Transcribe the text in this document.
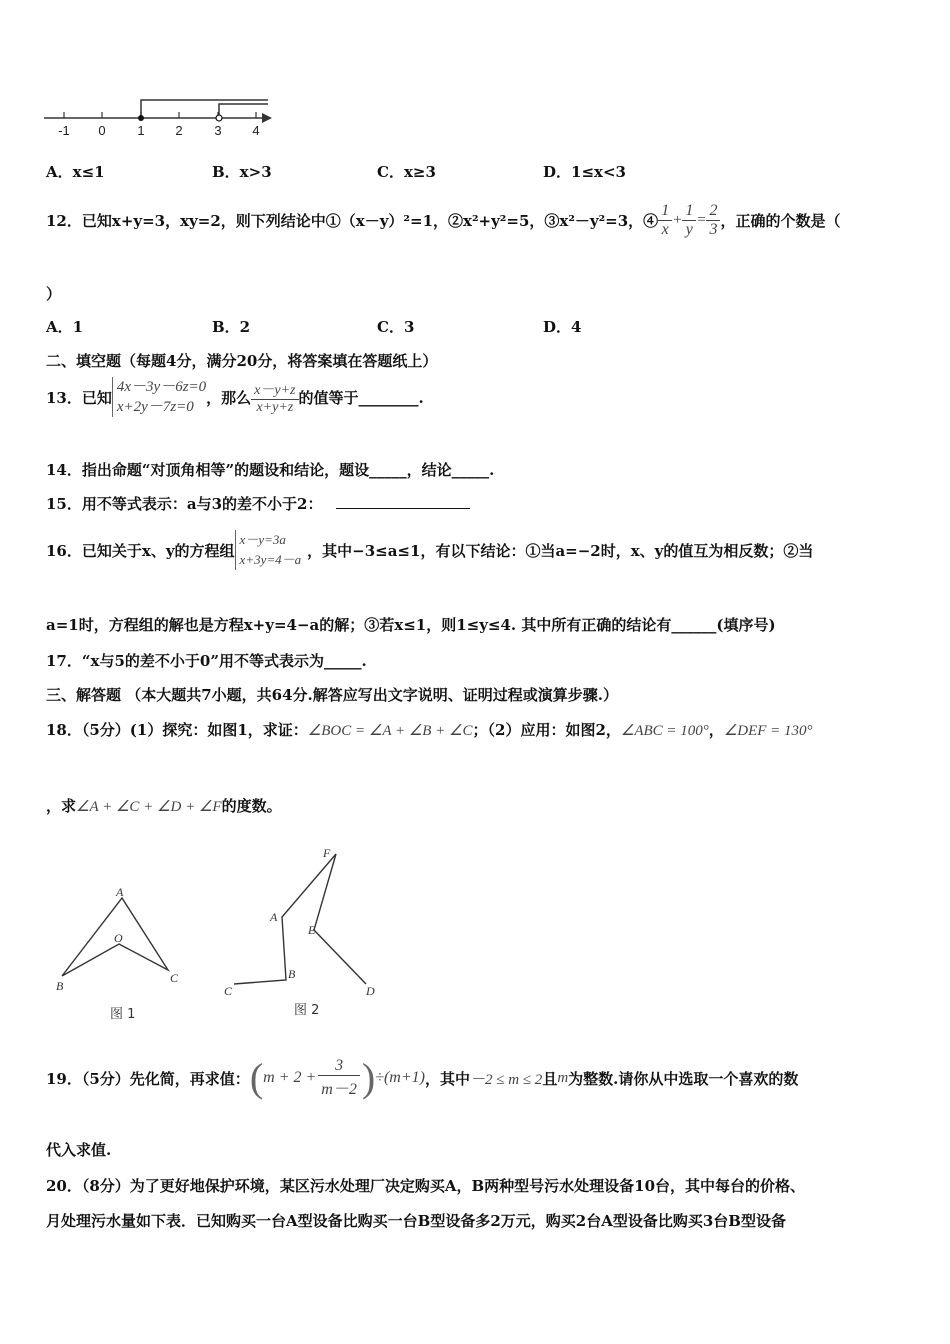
-1 0 1 2 3 4
A．x≤1	B．x>3	C．x≥3	D．1≤x<3
12．已知 x+y=3，xy=2，则下列结论中①（x－y）²=1，②x²+y²=5，③x²－y²=3，④ $\frac{1}{x} + \frac{1}{y} = \frac{2}{3}$ ，正确的个数是（
）
A．1	B．2	C．3	D．4
二、填空题（每题4分，满分20分，将答案填在答题纸上）
13．已知
4x－3y－6z=0
x+2y－7z=0
，那么 $\frac{x-y+z}{x+y+z}$ 的值等于________.
14．指出命题“对顶角相等”的题设和结论，题设_____，结论_____.
15．用不等式表示：a与3的差不小于2：
16．已知关于x、y的方程组
x－y=3a
x+3y=4－a ，其中−3≤a≤1，有以下结论：①当a=−2时，x、y的值互为相反数；②当
a=1时，方程组的解也是方程x+y=4−a的解；③若x≤1，则1≤y≤4. 其中所有正确的结论有______(填序号)
17．“x与5的差不小于0”用不等式表示为_____.
三、解答题 （本大题共7小题，共64分.解答应写出文字说明、证明过程或演算步骤.）
18．（5分）(1）探究：如图1，求证：∠BOC = ∠A + ∠B + ∠C；（2）应用：如图2，∠ABC = 100°，∠DEF = 130°
，求∠A + ∠C + ∠D + ∠F的度数。
A
O
B
C
图 1
F
A
E
B
C	D
图 2
19．（5分）先化简，再求值： ( $m + 2 + \frac{3}{m-2}$ ) ÷(m+1) ，其中 －2 ≤ m ≤ 2 且 m 为整数.请你从中选取一个喜欢的数
代入求值.
20．（8分）为了更好地保护环境，某区污水处理厂决定购买A，B两种型号污水处理设备10台，其中每台的价格、
月处理污水量如下表．已知购买一台A型设备比购买一台B型设备多2万元，购买2台A型设备比购买3台B型设备
